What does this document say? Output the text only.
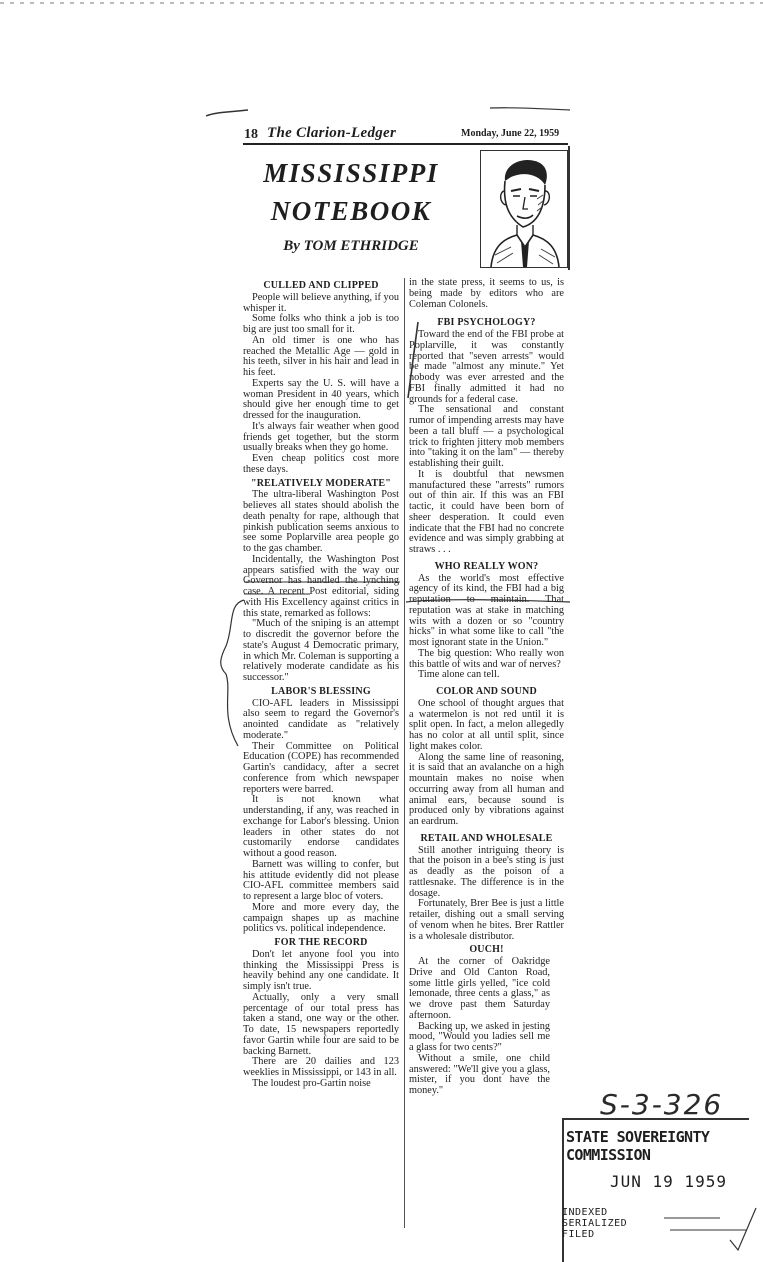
18 The Clarion-Ledger	Monday, June 22, 1959
MISSISSIPPI
NOTEBOOK
By TOM ETHRIDGE
CULLED AND CLIPPED

People will believe anything, if you whisper it.

Some folks who think a job is too big are just too small for it.

An old timer is one who has reached the Metallic Age — gold in his teeth, silver in his hair and lead in his feet.

Experts say the U. S. will have a woman President in 40 years, which should give her enough time to get dressed for the inauguration.

It's always fair weather when good friends get together, but the storm usually breaks when they go home.

Even cheap politics cost more these days.

"RELATIVELY MODERATE"

The ultra-liberal Washington Post believes all states should abolish the death penalty for rape, although that pinkish publication seems anxious to see some Poplarville area people go to the gas chamber.

Incidentally, the Washington Post appears satisfied with the way our Governor has handled the lynching case. A recent Post editorial, siding with His Excellency against critics in this state, remarked as follows:

"Much of the sniping is an attempt to discredit the governor before the state's August 4 Democratic primary, in which Mr. Coleman is supporting a relatively moderate candidate as his successor."

LABOR'S BLESSING

CIO-AFL leaders in Mississippi also seem to regard the Governor's anointed candidate as "relatively moderate."

Their Committee on Political Education (COPE) has recommended Gartin's candidacy, after a secret conference from which newspaper reporters were barred.

It is not known what understanding, if any, was reached in exchange for Labor's blessing. Union leaders in other states do not customarily endorse candidates without a good reason.

Barnett was willing to confer, but his attitude evidently did not please CIO-AFL committee members said to represent a large bloc of voters.

More and more every day, the campaign shapes up as machine politics vs. political independence.

FOR THE RECORD

Don't let anyone fool you into thinking the Mississippi Press is heavily behind any one candidate. It simply isn't true.

Actually, only a very small percentage of our total press has taken a stand, one way or the other. To date, 15 newspapers reportedly favor Gartin while four are said to be backing Barnett.

There are 20 dailies and 123 weeklies in Mississippi, or 143 in all.

The loudest pro-Gartin noise

in the state press, it seems to us, is being made by editors who are Coleman Colonels.

FBI PSYCHOLOGY?

Toward the end of the FBI probe at Poplarville, it was constantly reported that "seven arrests" would be made "almost any minute." Yet nobody was ever arrested and the FBI finally admitted it had no grounds for a federal case.

The sensational and constant rumor of impending arrests may have been a tall bluff — a psychological trick to frighten jittery mob members into "taking it on the lam" — thereby establishing their guilt.

It is doubtful that newsmen manufactured these "arrests" rumors out of thin air. If this was an FBI tactic, it could have been born of sheer desperation. It could even indicate that the FBI had no concrete evidence and was simply grabbing at straws . . .

WHO REALLY WON?

As the world's most effective agency of its kind, the FBI had a big reputation to maintain. That reputation was at stake in matching wits with a dozen or so "country hicks" in what some like to call "the most ignorant state in the Union."

The big question: Who really won this battle of wits and war of nerves?

Time alone can tell.

COLOR AND SOUND

One school of thought argues that a watermelon is not red until it is split open. In fact, a melon allegedly has no color at all until split, since light makes color.

Along the same line of reasoning, it is said that an avalanche on a high mountain makes no noise when occurring away from all human and animal ears, because sound is produced only by vibrations against an eardrum.

RETAIL AND WHOLESALE

Still another intriguing theory is that the poison in a bee's sting is just as deadly as the poison of a rattlesnake. The difference is in the dosage.

Fortunately, Brer Bee is just a little retailer, dishing out a small serving of venom when he bites. Brer Rattler is a wholesale distributor.

OUCH!

At the corner of Oakridge Drive and Old Canton Road, some little girls yelled, "ice cold lemonade, three cents a glass," as we drove past them Saturday afternoon.

Backing up, we asked in jesting mood, "Would you ladies sell me a glass for two cents?"

Without a smile, one child answered: "We'll give you a glass, mister, if you dont have the money."	S-3-326
STATE SOVEREIGNTY COMMISSION
JUN 19 1959
INDEXED
SERIALIZED
FILED
